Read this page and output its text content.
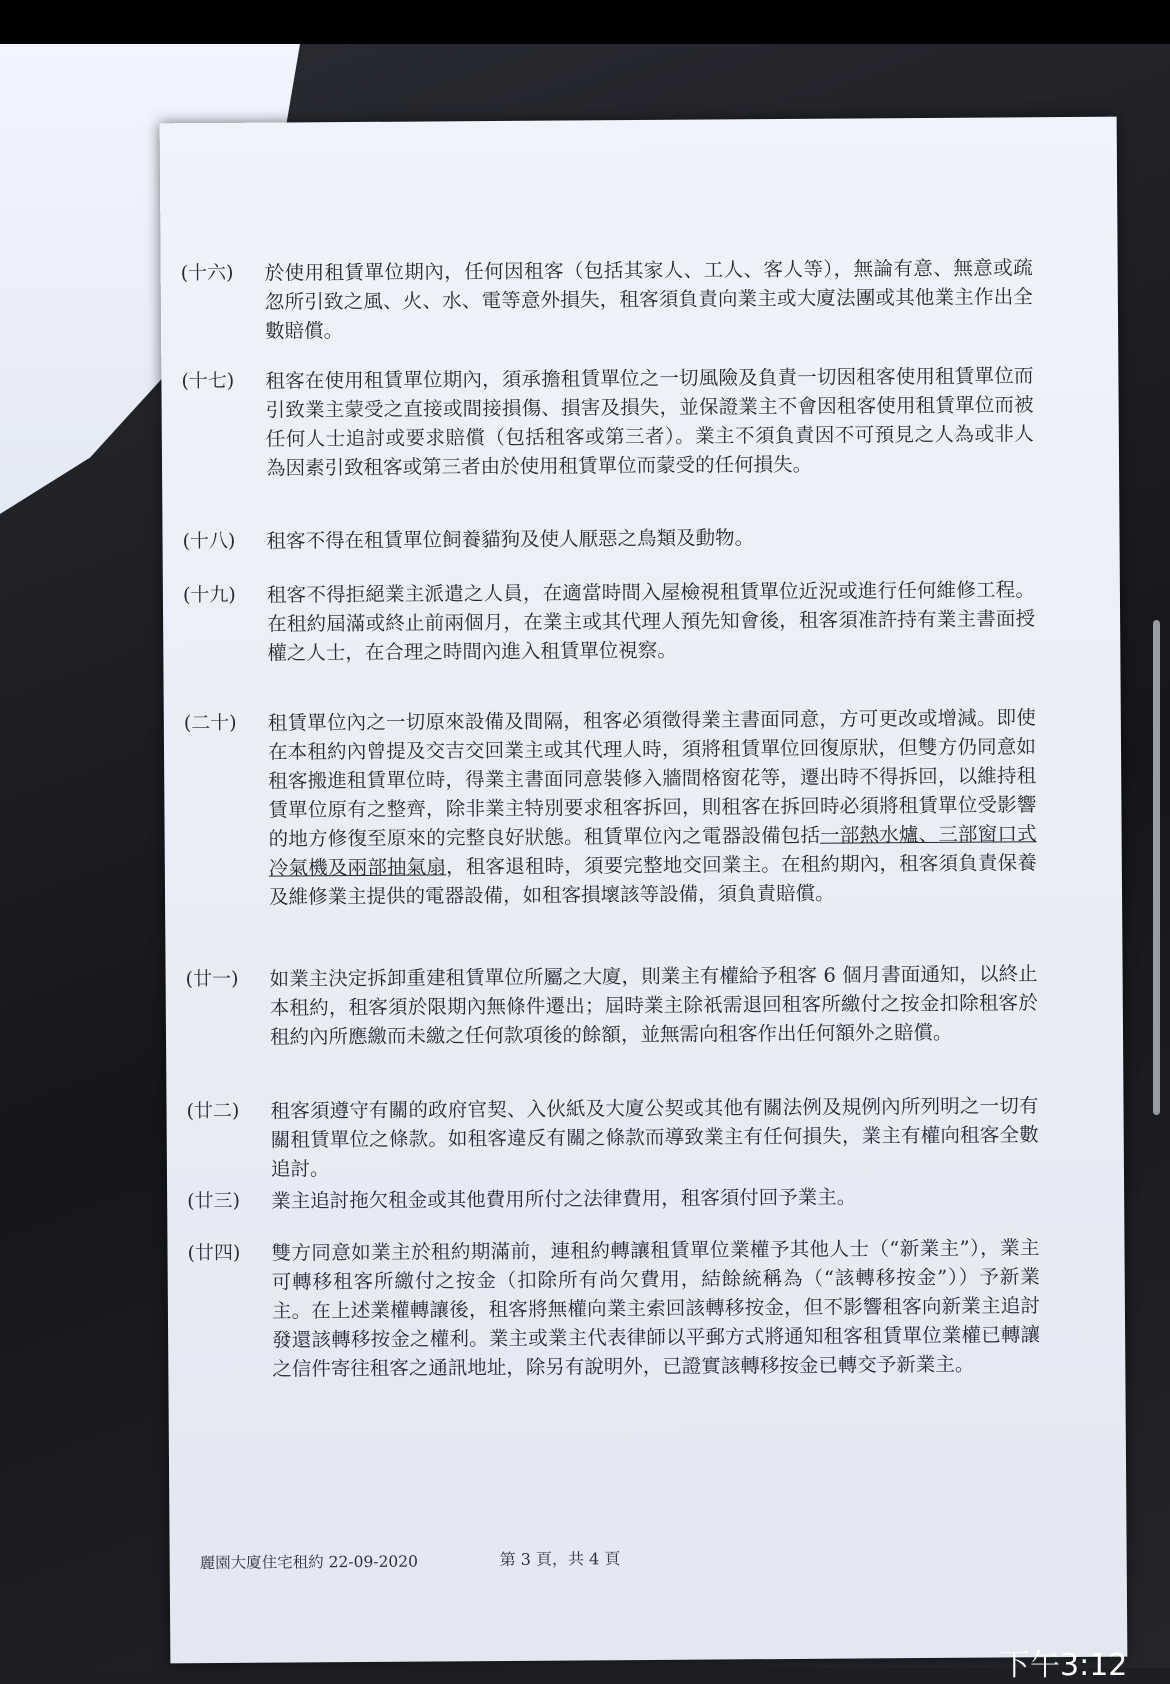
(十六)	於使用租賃單位期內，任何因租客（包括其家人、工人、客人等），無論有意、無意或疏忽所引致之風、火、水、電等意外損失，租客須負責向業主或大廈法團或其他業主作出全數賠償。
(十七)	租客在使用租賃單位期內，須承擔租賃單位之一切風險及負責一切因租客使用租賃單位而引致業主蒙受之直接或間接損傷、損害及損失，並保證業主不會因租客使用租賃單位而被任何人士追討或要求賠償（包括租客或第三者）。業主不須負責因不可預見之人為或非人為因素引致租客或第三者由於使用租賃單位而蒙受的任何損失。
(十八)	租客不得在租賃單位飼養貓狗及使人厭惡之鳥類及動物。
(十九)	租客不得拒絕業主派遣之人員，在適當時間入屋檢視租賃單位近況或進行任何維修工程。在租約屆滿或終止前兩個月，在業主或其代理人預先知會後，租客須准許持有業主書面授權之人士，在合理之時間內進入租賃單位視察。
(二十)	租賃單位內之一切原來設備及間隔，租客必須徵得業主書面同意，方可更改或增減。即使在本租約內曾提及交吉交回業主或其代理人時，須將租賃單位回復原狀，但雙方仍同意如租客搬進租賃單位時，得業主書面同意裝修入牆間格窗花等，遷出時不得拆回，以維持租賃單位原有之整齊，除非業主特別要求租客拆回，則租客在拆回時必須將租賃單位受影響的地方修復至原來的完整良好狀態。租賃單位內之電器設備包括一部熱水爐、三部窗口式冷氣機及兩部抽氣扇，租客退租時，須要完整地交回業主。在租約期內，租客須負責保養及維修業主提供的電器設備，如租客損壞該等設備，須負責賠償。
(廿一)	如業主決定拆卸重建租賃單位所屬之大廈，則業主有權給予租客 6 個月書面通知，以終止本租約，租客須於限期內無條件遷出；屆時業主除祇需退回租客所繳付之按金扣除租客於租約內所應繳而未繳之任何款項後的餘額，並無需向租客作出任何額外之賠償。
(廿二)	租客須遵守有關的政府官契、入伙紙及大廈公契或其他有關法例及規例內所列明之一切有關租賃單位之條款。如租客違反有關之條款而導致業主有任何損失，業主有權向租客全數追討。
(廿三)	業主追討拖欠租金或其他費用所付之法律費用，租客須付回予業主。
(廿四)	雙方同意如業主於租約期滿前，連租約轉讓租賃單位業權予其他人士（“新業主”），業主可轉移租客所繳付之按金（扣除所有尚欠費用，結餘統稱為（“該轉移按金”））予新業主。在上述業權轉讓後，租客將無權向業主索回該轉移按金，但不影響租客向新業主追討發還該轉移按金之權利。業主或業主代表律師以平郵方式將通知租客租賃單位業權已轉讓之信件寄往租客之通訊地址，除另有說明外，已證實該轉移按金已轉交予新業主。
麗園大廈住宅租約 22-09-2020	第 3 頁，共 4 頁
下午3:12
